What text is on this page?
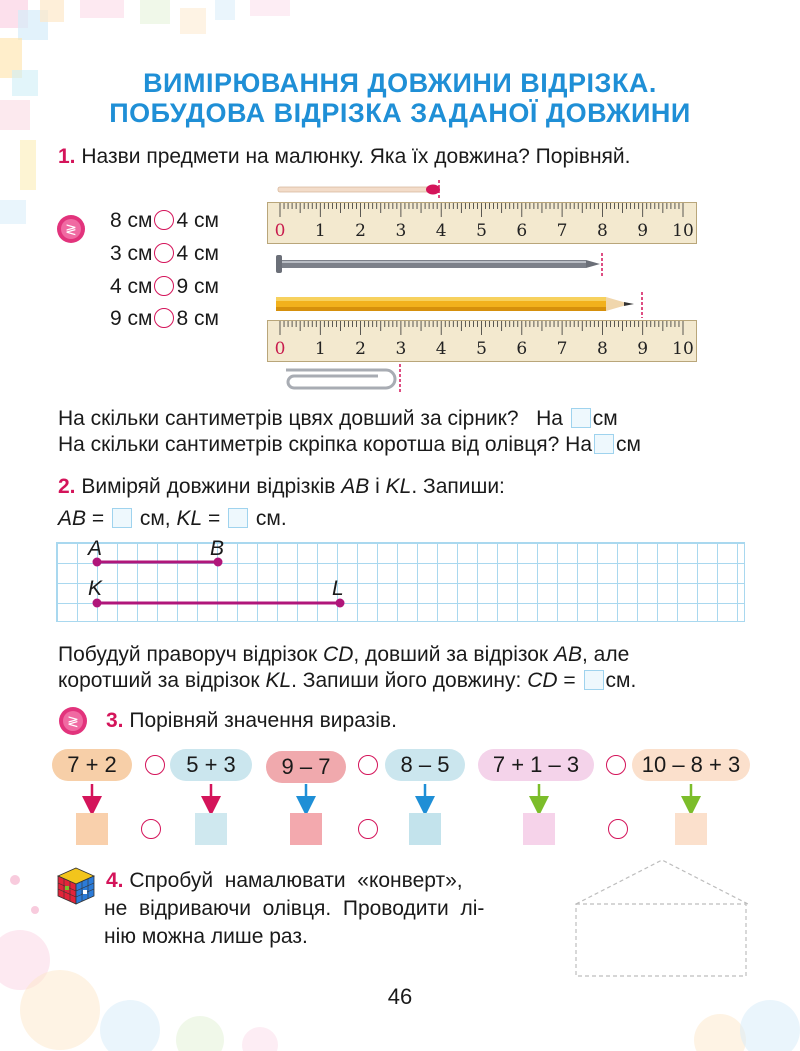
ВИМІРЮВАННЯ ДОВЖИНИ ВІДРІЗКА.
ПОБУДОВА ВІДРІЗКА ЗАДАНОЇ ДОВЖИНИ
1. Назви предмети на малюнку. Яка їх довжина? Порівняй.
≷ 8 см 4 см
3 см 4 см
4 см 9 см
9 см 8 см
0 1 2 3 4 5 6 7 8 9 10
0 1 2 3 4 5 6 7 8 9 10
На скільки сантиметрів цвях довший за сірник? На см
На скільки сантиметрів скріпка коротша від олівця? На см
2. Виміряй довжини відрізків AB і KL. Запиши:
AB = см, KL = см.
A	B
K	L
Побудуй праворуч відрізок CD, довший за відрізок AB, але
коротший за відрізок KL. Запиши його довжину: CD = см.
≷ 3. Порівняй значення виразів.
7 + 2	5 + 3	9 – 7	8 – 5	7 + 1 – 3	10 – 8 + 3
4. Спробуй  намалювати  «конверт»,
не  відриваючи  олівця.  Проводити  лі-
нію можна лише раз.
46
